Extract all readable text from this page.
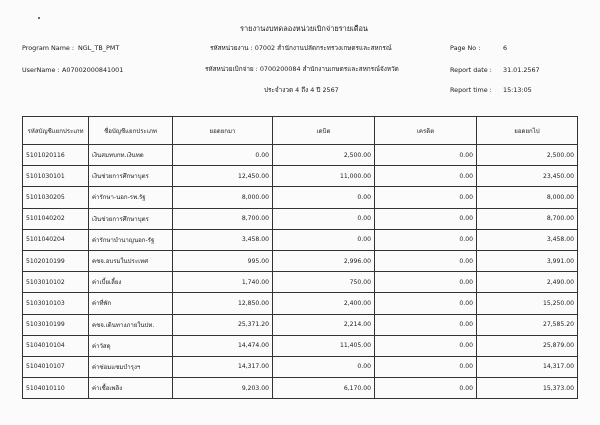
รายงานงบทดลองหน่วยเบิกจ่ายรายเดือน
Program Name : NGL_TB_PMT	รหัสหน่วยงาน : 07002 สำนักงานปลัดกระทรวงเกษตรและสหกรณ์	Page No :	6
UserName : A07002000841001	รหัสหน่วยเบิกจ่าย : 0700200084 สำนักงานเกษตรและสหกรณ์จังหวัด	Report date : 31.01.2567
ประจำงวด 4 ถึง 4 ปี 2567	Report time : 15:13:05
รหัสบัญชีแยกประเภท	ชื่อบัญชีแยกประเภท	ยอดยกมา	เดบิต	เครดิต	ยอดยกไป
5101020116	เงินสมทบกท.เงินทด	0.00	2,500.00	0.00	2,500.00
5101030101	เงินช่วยการศึกษาบุตร	12,450.00	11,000.00	0.00	23,450.00
5101030205	ค่ารักษา-นอก-รพ.รัฐ	8,000.00	0.00	0.00	8,000.00
5101040202	เงินช่วยการศึกษาบุตร	8,700.00	0.00	0.00	8,700.00
5101040204	ค่ารักษาบำนาญนอก-รัฐ	3,458.00	0.00	0.00	3,458.00
5102010199	คชจ.อบรมในประเทศ	995.00	2,996.00	0.00	3,991.00
5103010102	ค่าเบี้ยเลี้ยง	1,740.00	750.00	0.00	2,490.00
5103010103	ค่าที่พัก	12,850.00	2,400.00	0.00	15,250.00
5103010199	คชจ.เดินทางภายในปท.	25,371.20	2,214.00	0.00	27,585.20
5104010104	ค่าวัสดุ	14,474.00	11,405.00	0.00	25,879.00
5104010107	ค่าซ่อมแซมบำรุงฯ	14,317.00	0.00	0.00	14,317.00
5104010110	ค่าเชื้อเพลิง	9,203.00	6,170.00	0.00	15,373.00
